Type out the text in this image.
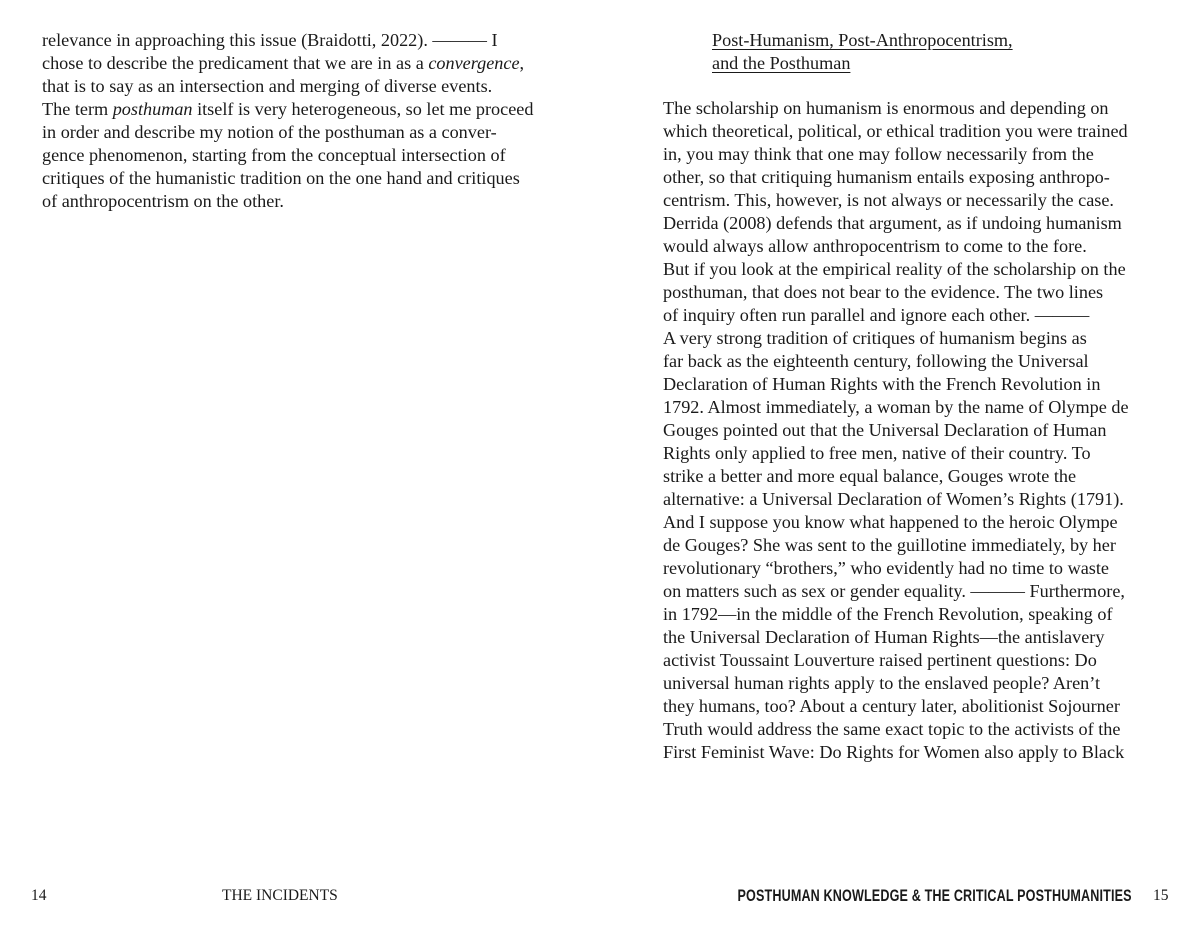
relevance in approaching this issue (Braidotti, 2022). ——— I
chose to describe the predicament that we are in as a convergence,
that is to say as an intersection and merging of diverse events.
The term posthuman itself is very heterogeneous, so let me proceed
in order and describe my notion of the posthuman as a conver-
gence phenomenon, starting from the conceptual intersection of
critiques of the humanistic tradition on the one hand and critiques
of anthropocentrism on the other.
Post-Humanism, Post-Anthropocentrism,
and the Posthuman
The scholarship on humanism is enormous and depending on
which theoretical, political, or ethical tradition you were trained
in, you may think that one may follow necessarily from the
other, so that critiquing humanism entails exposing anthropo-
centrism. This, however, is not always or necessarily the case.
Derrida (2008) defends that argument, as if undoing humanism
would always allow anthropocentrism to come to the fore.
But if you look at the empirical reality of the scholarship on the
posthuman, that does not bear to the evidence. The two lines
of inquiry often run parallel and ignore each other. ———
A very strong tradition of critiques of humanism begins as
far back as the eighteenth century, following the Universal
Declaration of Human Rights with the French Revolution in
1792. Almost immediately, a woman by the name of Olympe de
Gouges pointed out that the Universal Declaration of Human
Rights only applied to free men, native of their country. To
strike a better and more equal balance, Gouges wrote the
alternative: a Universal Declaration of Women’s Rights (1791).
And I suppose you know what happened to the heroic Olympe
de Gouges? She was sent to the guillotine immediately, by her
revolutionary “brothers,” who evidently had no time to waste
on matters such as sex or gender equality. ——— Furthermore,
in 1792—in the middle of the French Revolution, speaking of
the Universal Declaration of Human Rights—the antislavery
activist Toussaint Louverture raised pertinent questions: Do
universal human rights apply to the enslaved people? Aren’t
they humans, too? About a century later, abolitionist Sojourner
Truth would address the same exact topic to the activists of the
First Feminist Wave: Do Rights for Women also apply to Black
14	THE INCIDENTS	POSTHUMAN KNOWLEDGE & THE CRITICAL POSTHUMANITIES 15
